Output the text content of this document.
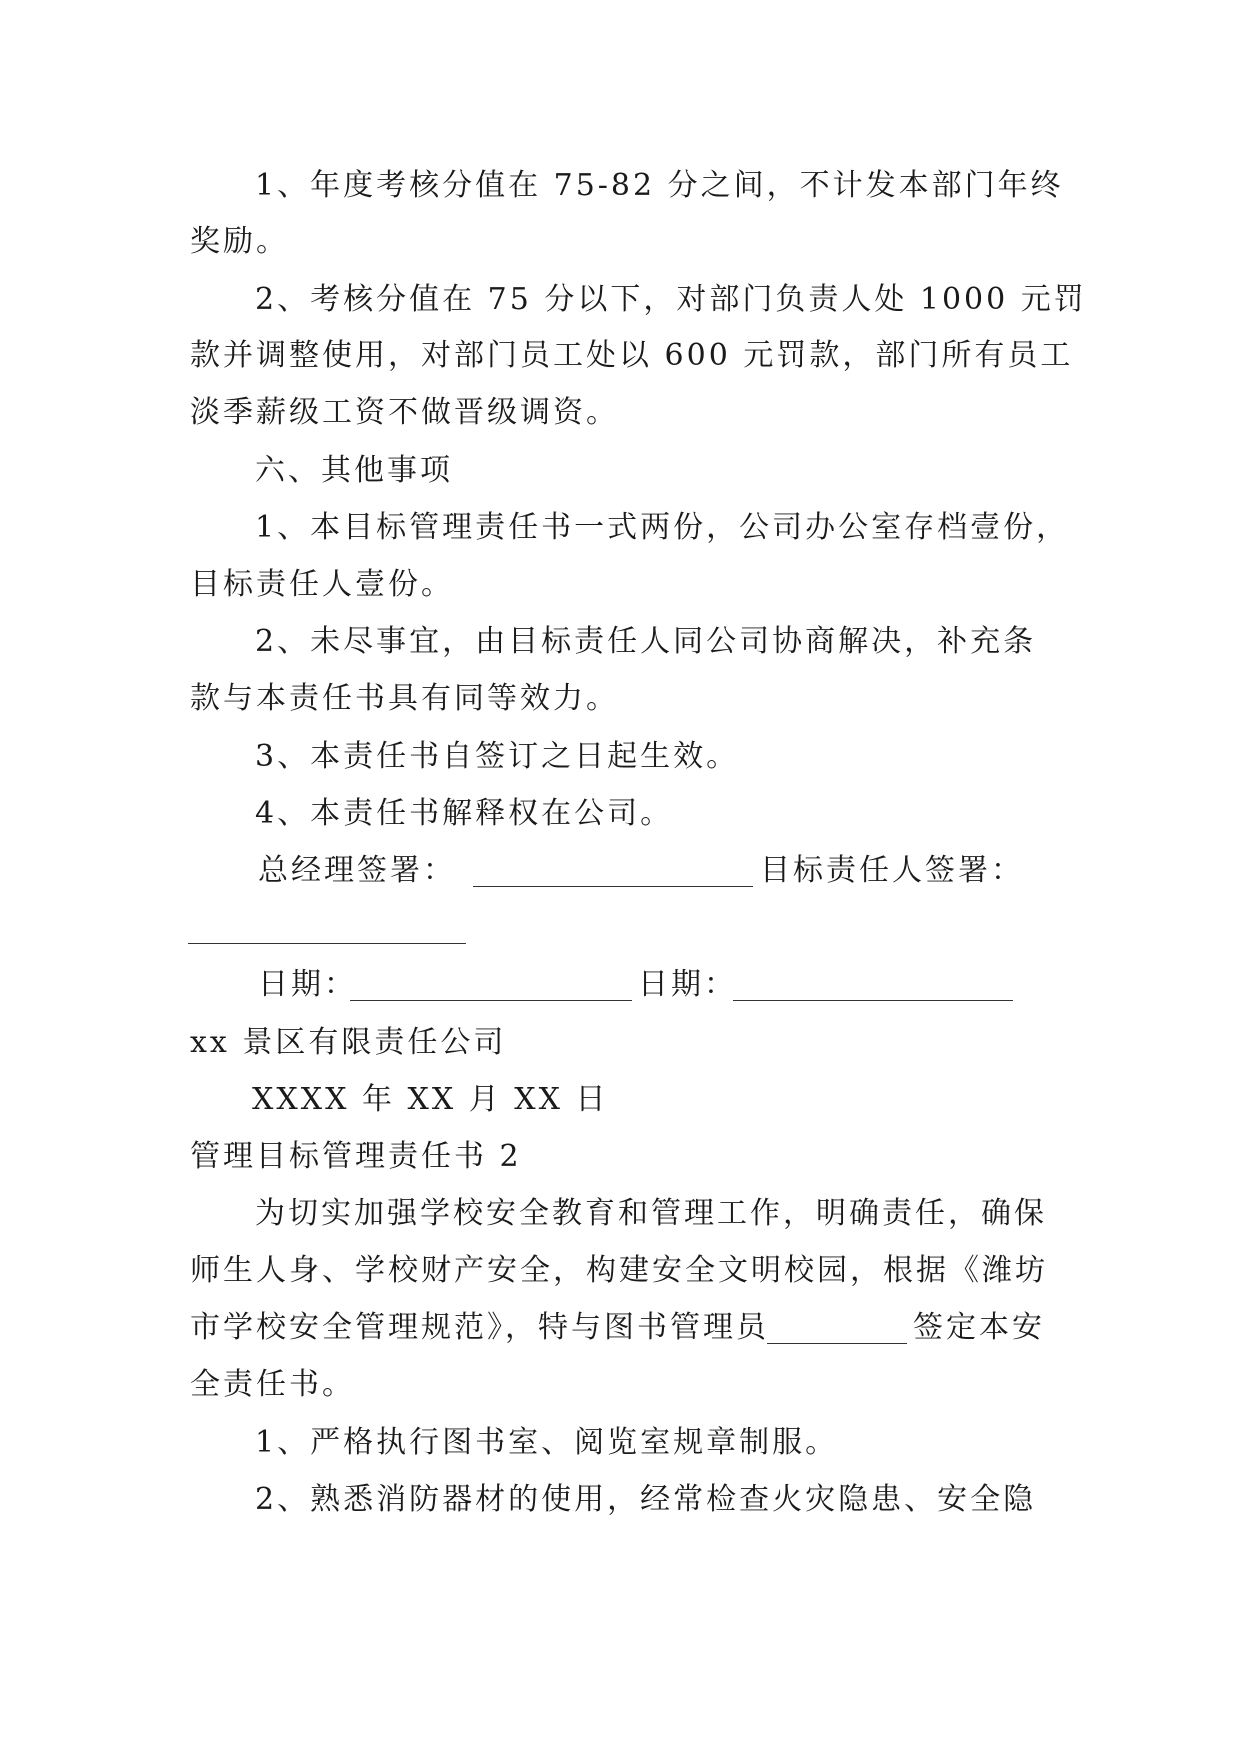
1、年度考核分值在 75-82 分之间，不计发本部门年终
奖励。
2、考核分值在 75 分以下，对部门负责人处 1000 元罚
款并调整使用，对部门员工处以 600 元罚款，部门所有员工
淡季薪级工资不做晋级调资。
六、其他事项
1、本目标管理责任书一式两份，公司办公室存档壹份，
目标责任人壹份。
2、未尽事宜，由目标责任人同公司协商解决，补充条
款与本责任书具有同等效力。
3、本责任书自签订之日起生效。
4、本责任书解释权在公司。
总经理签署：	目标责任人签署：
日期：	日期：
xx 景区有限责任公司
XXXX 年 XX 月 XX 日
管理目标管理责任书 2
为切实加强学校安全教育和管理工作，明确责任，确保
师生人身、学校财产安全，构建安全文明校园，根据《潍坊
市学校安全管理规范》，特与图书管理员	签定本安
全责任书。
1、严格执行图书室、阅览室规章制服。
2、熟悉消防器材的使用，经常检查火灾隐患、安全隐
